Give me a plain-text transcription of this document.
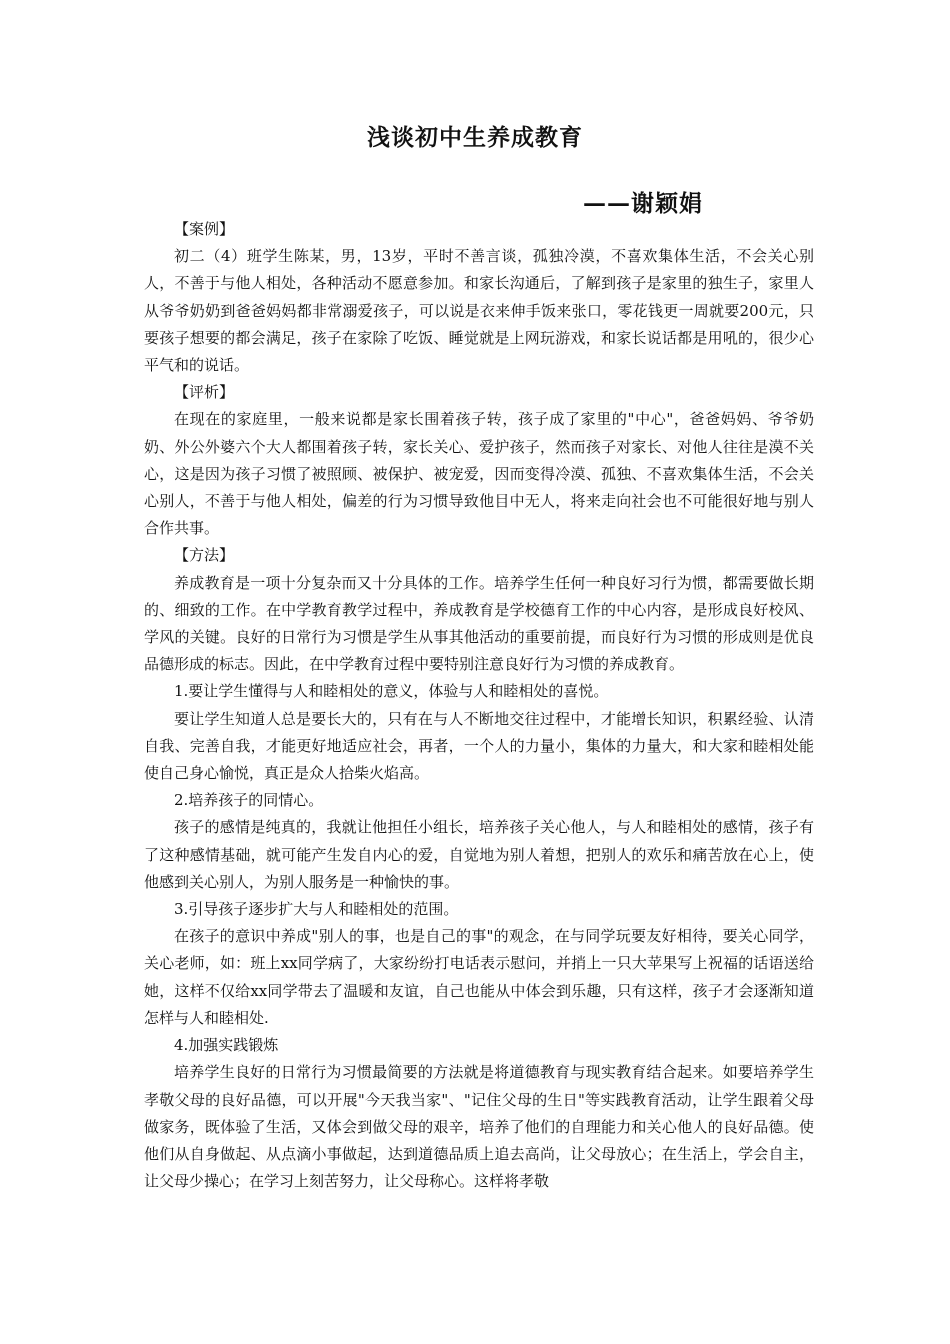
浅谈初中生养成教育
——谢颖娟

【案例】

初二（4）班学生陈某，男，13岁，平时不善言谈，孤独冷漠，不喜欢集体生活，不会关心别人，不善于与他人相处，各种活动不愿意参加。和家长沟通后，了解到孩子是家里的独生子，家里人从爷爷奶奶到爸爸妈妈都非常溺爱孩子，可以说是衣来伸手饭来张口，零花钱更一周就要200元，只要孩子想要的都会满足，孩子在家除了吃饭、睡觉就是上网玩游戏，和家长说话都是用吼的，很少心平气和的说话。

【评析】

在现在的家庭里，一般来说都是家长围着孩子转，孩子成了家里的"中心"，爸爸妈妈、爷爷奶奶、外公外婆六个大人都围着孩子转，家长关心、爱护孩子，然而孩子对家长、对他人往往是漠不关心，这是因为孩子习惯了被照顾、被保护、被宠爱，因而变得冷漠、孤独、不喜欢集体生活，不会关心别人，不善于与他人相处，偏差的行为习惯导致他目中无人，将来走向社会也不可能很好地与别人合作共事。

【方法】

养成教育是一项十分复杂而又十分具体的工作。培养学生任何一种良好习行为惯，都需要做长期的、细致的工作。在中学教育教学过程中，养成教育是学校德育工作的中心内容，是形成良好校风、学风的关键。良好的日常行为习惯是学生从事其他活动的重要前提，而良好行为习惯的形成则是优良品德形成的标志。因此，在中学教育过程中要特别注意良好行为习惯的养成教育。

1.要让学生懂得与人和睦相处的意义，体验与人和睦相处的喜悦。

要让学生知道人总是要长大的，只有在与人不断地交往过程中，才能增长知识，积累经验、认清自我、完善自我，才能更好地适应社会，再者，一个人的力量小，集体的力量大，和大家和睦相处能使自己身心愉悦，真正是众人拾柴火焰高。

2.培养孩子的同情心。

孩子的感情是纯真的，我就让他担任小组长，培养孩子关心他人，与人和睦相处的感情，孩子有了这种感情基础，就可能产生发自内心的爱，自觉地为别人着想，把别人的欢乐和痛苦放在心上，使他感到关心别人，为别人服务是一种愉快的事。

3.引导孩子逐步扩大与人和睦相处的范围。

在孩子的意识中养成"别人的事，也是自己的事"的观念，在与同学玩要友好相待，要关心同学，关心老师，如：班上xx同学病了，大家纷纷打电话表示慰问，并捎上一只大苹果写上祝福的话语送给她，这样不仅给xx同学带去了温暖和友谊，自己也能从中体会到乐趣，只有这样，孩子才会逐渐知道怎样与人和睦相处.

4.加强实践锻炼

培养学生良好的日常行为习惯最简要的方法就是将道德教育与现实教育结合起来。如要培养学生孝敬父母的良好品德，可以开展"今天我当家"、"记住父母的生日"等实践教育活动，让学生跟着父母做家务，既体验了生活，又体会到做父母的艰辛，培养了他们的自理能力和关心他人的良好品德。使他们从自身做起、从点滴小事做起，达到道德品质上追去高尚，让父母放心；在生活上，学会自主，让父母少操心；在学习上刻苦努力，让父母称心。这样将孝敬
